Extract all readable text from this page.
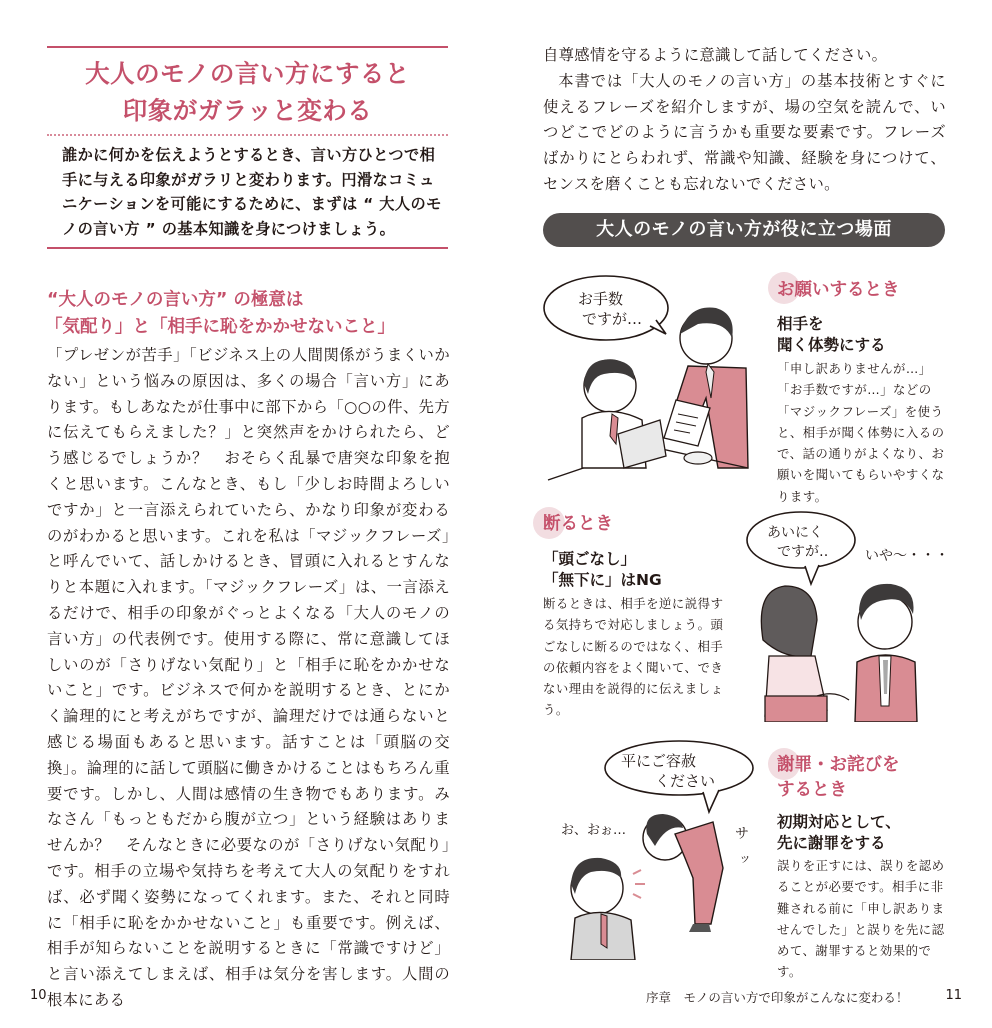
大人のモノの言い方にすると
印象がガラッと変わる
誰かに何かを伝えようとするとき、言い方ひとつで相手に与える印象がガラリと変わります。円滑なコミュニケーションを可能にするために、まずは “ 大人のモノの言い方 ” の基本知識を身につけましょう。
“大人のモノの言い方” の極意は
「気配り」と「相手に恥をかかせないこと」

「プレゼンが苦手」「ビジネス上の人間関係がうまくいかない」という悩みの原因は、多くの場合「言い方」にあります。もしあなたが仕事中に部下から「○○の件、先方に伝えてもらえました？」と突然声をかけられたら、どう感じるでしょうか？　おそらく乱暴で唐突な印象を抱くと思います。こんなとき、もし「少しお時間よろしいですか」と一言添えられていたら、かなり印象が変わるのがわかると思います。これを私は「マジックフレーズ」と呼んでいて、話しかけるとき、冒頭に入れるとすんなりと本題に入れます。「マジックフレーズ」は、一言添えるだけで、相手の印象がぐっとよくなる「大人のモノの言い方」の代表例です。使用する際に、常に意識してほしいのが「さりげない気配り」と「相手に恥をかかせないこと」です。ビジネスで何かを説明するとき、とにかく論理的にと考えがちですが、論理だけでは通らないと感じる場面もあると思います。話すことは「頭脳の交換」。論理的に話して頭脳に働きかけることはもちろん重要です。しかし、人間は感情の生き物でもあります。みなさん「もっともだから腹が立つ」という経験はありませんか？　そんなときに必要なのが「さりげない気配り」です。相手の立場や気持ちを考えて大人の気配りをすれば、必ず聞く姿勢になってくれます。また、それと同時に「相手に恥をかかせないこと」も重要です。例えば、相手が知らないことを説明するときに「常識ですけど」と言い添えてしまえば、相手は気分を害します。人間の根本にある

10

自尊感情を守るように意識して話してください。

本書では「大人のモノの言い方」の基本技術とすぐに使えるフレーズを紹介しますが、場の空気を読んで、いつどこでどのように言うかも重要な要素です。フレーズばかりにとらわれず、常識や知識、経験を身につけて、センスを磨くことも忘れないでください。

大人のモノの言い方が役に立つ場面
お手数
ですが…
お願いするとき
相手を
聞く体勢にする
「申し訳ありませんが…」「お手数ですが…」などの「マジックフレーズ」を使うと、相手が聞く体勢に入るので、話の通りがよくなり、お願いを聞いてもらいやすくなります。
断るとき
「頭ごなし」
「無下に」はNG
断るときは、相手を逆に説得する気持ちで対応しましょう。頭ごなしに断るのではなく、相手の依頼内容をよく聞いて、できない理由を説得的に伝えましょう。
あいにく
ですが‥	いや〜・・・
平にご容赦
ください
お、おぉ…	サ
ッ
謝罪・お詫びを
するとき
初期対応として、
先に謝罪をする
誤りを正すには、誤りを認めることが必要です。相手に非難される前に「申し訳ありませんでした」と誤りを先に認めて、謝罪すると効果的です。
序章　モノの言い方で印象がこんなに変わる！	11
